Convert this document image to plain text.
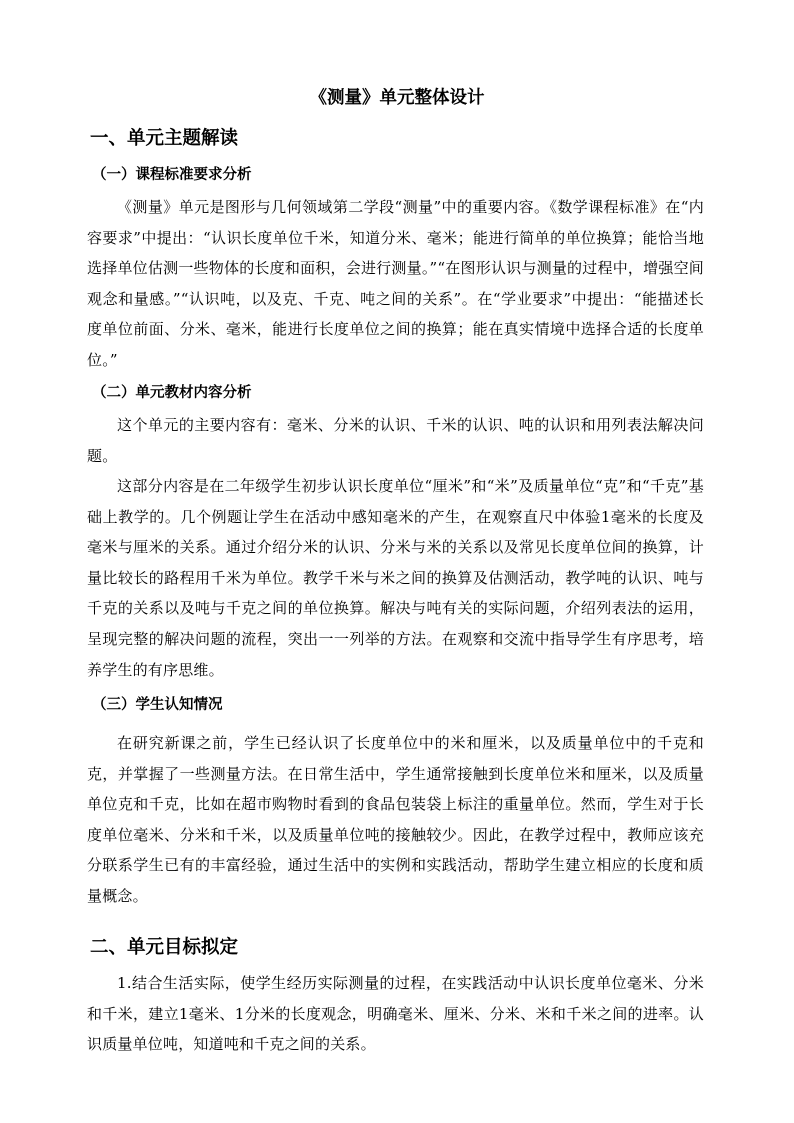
《测量》单元整体设计
一、单元主题解读
（一）课程标准要求分析

《测量》单元是图形与几何领域第二学段“测量”中的重要内容。《数学课程标准》在“内容要求”中提出：“认识长度单位千米，知道分米、毫米；能进行简单的单位换算；能恰当地选择单位估测一些物体的长度和面积，会进行测量。”“在图形认识与测量的过程中，增强空间观念和量感。”“认识吨，以及克、千克、吨之间的关系”。在“学业要求”中提出：“能描述长度单位前面、分米、毫米，能进行长度单位之间的换算；能在真实情境中选择合适的长度单位。”

（二）单元教材内容分析

这个单元的主要内容有：毫米、分米的认识、千米的认识、吨的认识和用列表法解决问题。

这部分内容是在二年级学生初步认识长度单位“厘米”和“米”及质量单位“克”和“千克”基础上教学的。几个例题让学生在活动中感知毫米的产生，在观察直尺中体验1毫米的长度及毫米与厘米的关系。通过介绍分米的认识、分米与米的关系以及常见长度单位间的换算，计量比较长的路程用千米为单位。教学千米与米之间的换算及估测活动，教学吨的认识、吨与千克的关系以及吨与千克之间的单位换算。解决与吨有关的实际问题，介绍列表法的运用，呈现完整的解决问题的流程，突出一一列举的方法。在观察和交流中指导学生有序思考，培养学生的有序思维。

（三）学生认知情况

在研究新课之前，学生已经认识了长度单位中的米和厘米，以及质量单位中的千克和克，并掌握了一些测量方法。在日常生活中，学生通常接触到长度单位米和厘米，以及质量单位克和千克，比如在超市购物时看到的食品包装袋上标注的重量单位。然而，学生对于长度单位毫米、分米和千米，以及质量单位吨的接触较少。因此，在教学过程中，教师应该充分联系学生已有的丰富经验，通过生活中的实例和实践活动，帮助学生建立相应的长度和质量概念。

二、单元目标拟定

1.结合生活实际，使学生经历实际测量的过程，在实践活动中认识长度单位毫米、分米和千米，建立1毫米、1分米的长度观念，明确毫米、厘米、分米、米和千米之间的进率。认识质量单位吨，知道吨和千克之间的关系。
